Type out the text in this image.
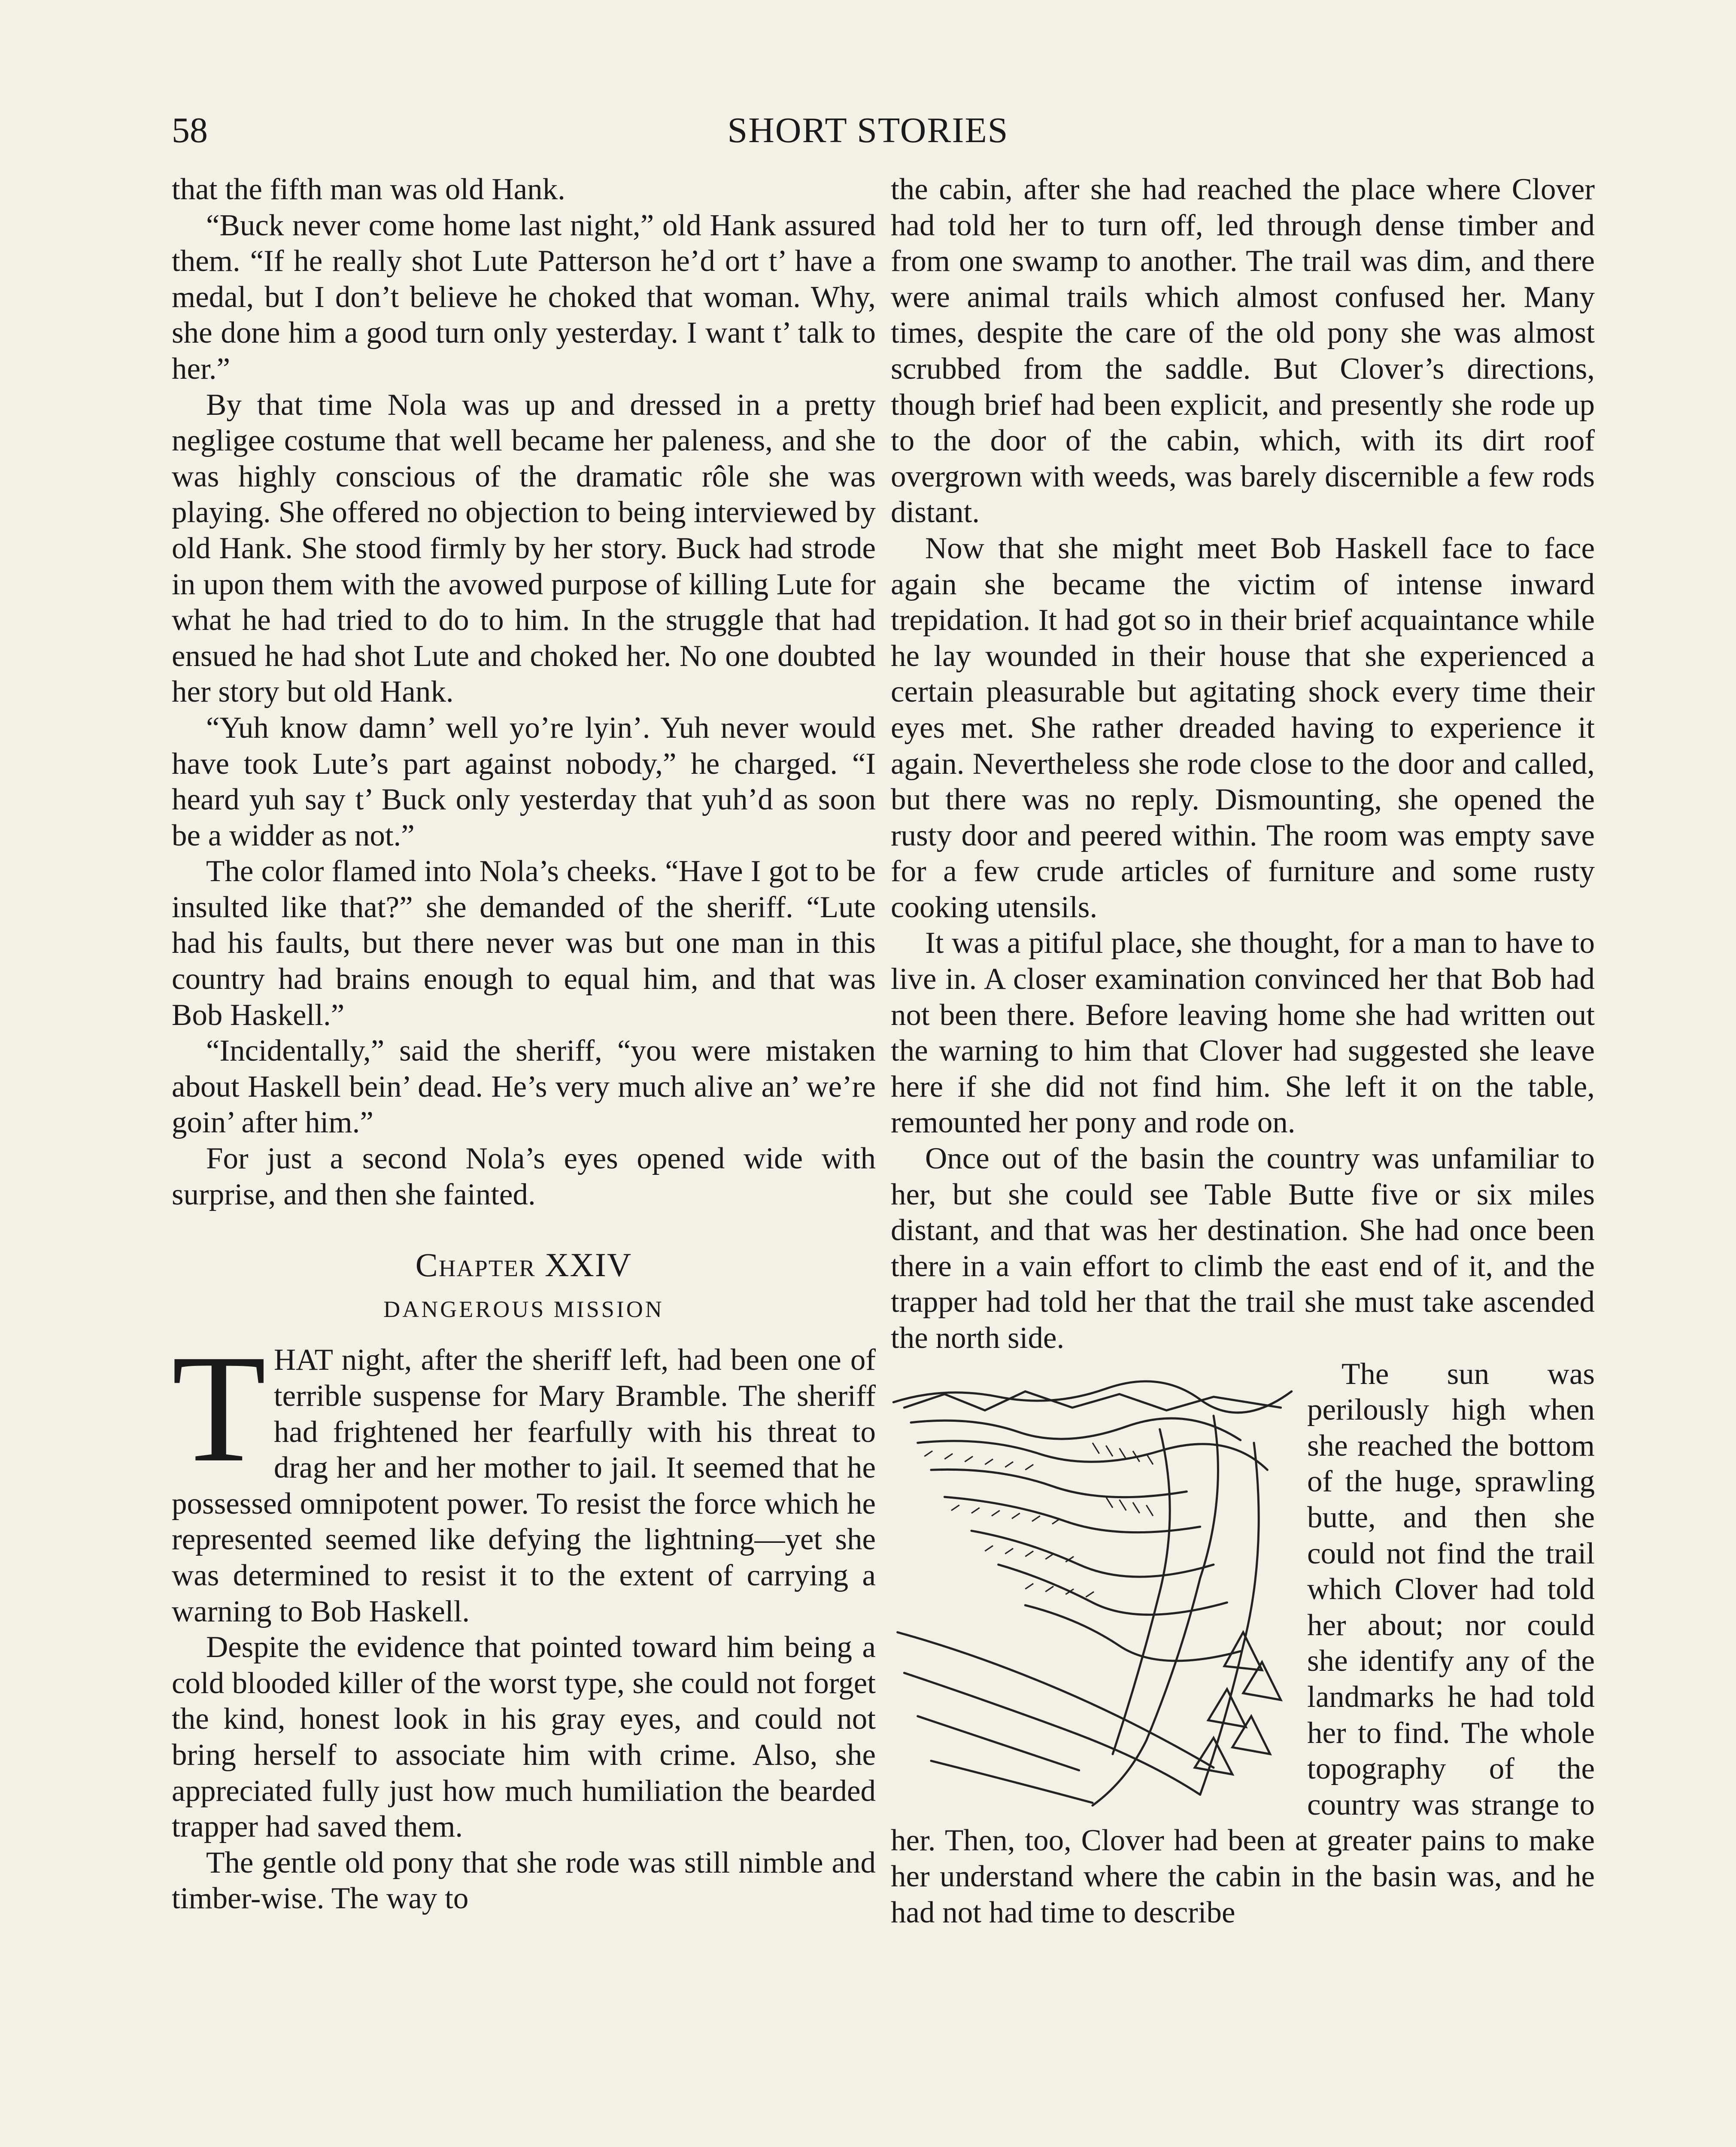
58	SHORT STORIES

that the fifth man was old Hank.

“Buck never come home last night,” old Hank assured them. “If he really shot Lute Patterson he’d ort t’ have a medal, but I don’t believe he choked that woman. Why, she done him a good turn only yesterday. I want t’ talk to her.”

By that time Nola was up and dressed in a pretty negligee costume that well became her paleness, and she was highly conscious of the dramatic rôle she was playing. She offered no objection to being interviewed by old Hank. She stood firmly by her story. Buck had strode in upon them with the avowed purpose of killing Lute for what he had tried to do to him. In the struggle that had ensued he had shot Lute and choked her. No one doubted her story but old Hank.

“Yuh know damn’ well yo’re lyin’. Yuh never would have took Lute’s part against nobody,” he charged. “I heard yuh say t’ Buck only yesterday that yuh’d as soon be a widder as not.”

The color flamed into Nola’s cheeks. “Have I got to be insulted like that?” she demanded of the sheriff. “Lute had his faults, but there never was but one man in this country had brains enough to equal him, and that was Bob Haskell.”

“Incidentally,” said the sheriff, “you were mistaken about Haskell bein’ dead. He’s very much alive an’ we’re goin’ after him.”

For just a second Nola’s eyes opened wide with surprise, and then she fainted.

Chapter XXIV
DANGEROUS MISSION

THAT night, after the sheriff left, had been one of terrible suspense for Mary Bramble. The sheriff had frightened her fearfully with his threat to drag her and her mother to jail. It seemed that he possessed omnipotent power. To resist the force which he represented seemed like defying the lightning—yet she was determined to resist it to the extent of carrying a warning to Bob Haskell.

Despite the evidence that pointed toward him being a cold blooded killer of the worst type, she could not forget the kind, honest look in his gray eyes, and could not bring herself to associate him with crime. Also, she appreciated fully just how much humiliation the bearded trapper had saved them.

The gentle old pony that she rode was still nimble and timber-wise. The way to

the cabin, after she had reached the place where Clover had told her to turn off, led through dense timber and from one swamp to another. The trail was dim, and there were animal trails which almost confused her. Many times, despite the care of the old pony she was almost scrubbed from the saddle. But Clover’s directions, though brief had been explicit, and presently she rode up to the door of the cabin, which, with its dirt roof overgrown with weeds, was barely discernible a few rods distant.

Now that she might meet Bob Haskell face to face again she became the victim of intense inward trepidation. It had got so in their brief acquaintance while he lay wounded in their house that she experienced a certain pleasurable but agitating shock every time their eyes met. She rather dreaded having to experience it again. Nevertheless she rode close to the door and called, but there was no reply. Dismounting, she opened the rusty door and peered within. The room was empty save for a few crude articles of furniture and some rusty cooking utensils.

It was a pitiful place, she thought, for a man to have to live in. A closer examination convinced her that Bob had not been there. Before leaving home she had written out the warning to him that Clover had suggested she leave here if she did not find him. She left it on the table, remounted her pony and rode on.

Once out of the basin the country was unfamiliar to her, but she could see Table Butte five or six miles distant, and that was her destination. She had once been there in a vain effort to climb the east end of it, and the trapper had told her that the trail she must take ascended the north side.

The sun was perilously high when she reached the bottom of the huge, sprawling butte, and then she could not find the trail which Clover had told her about; nor could she identify any of the landmarks he had told her to find. The whole topography of the country was strange to her. Then, too, Clover had been at greater pains to make her understand where the cabin in the basin was, and he had not had time to describe
